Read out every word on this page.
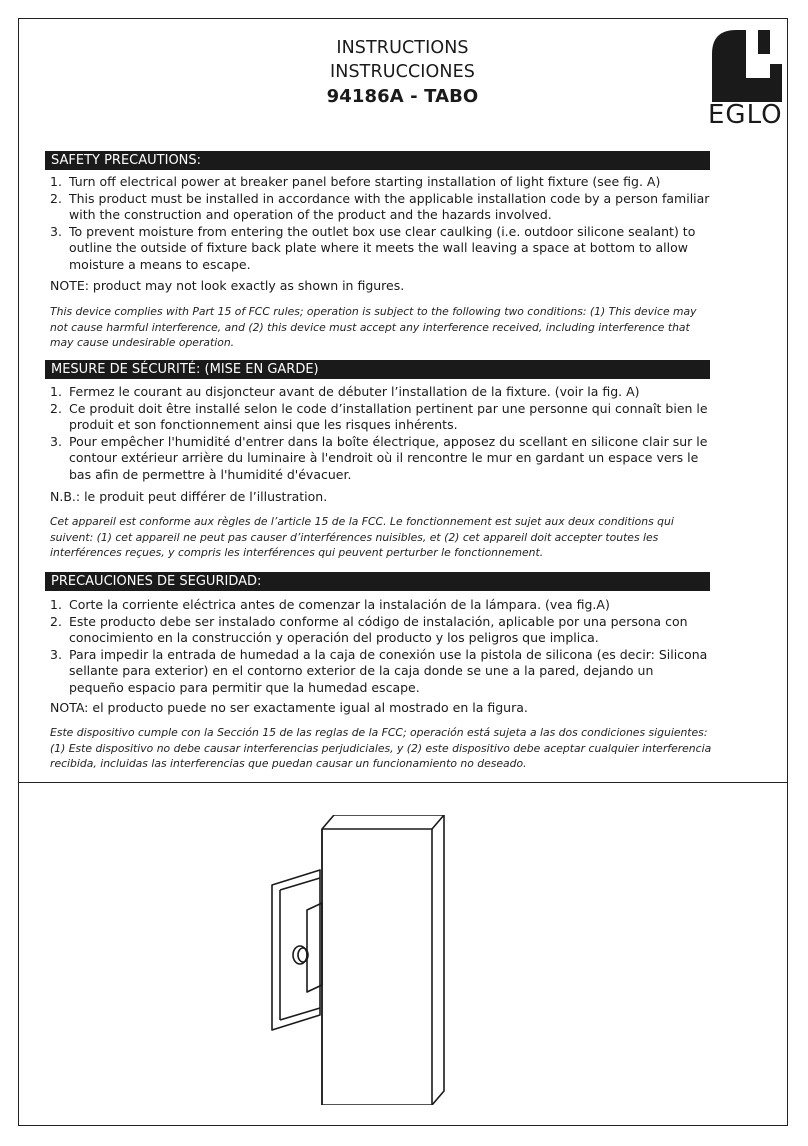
INSTRUCTIONS
INSTRUCCIONES
94186A - TABO
EGLO
SAFETY PRECAUTIONS:
1. Turn off electrical power at breaker panel before starting installation of light fixture (see fig. A)
2. This product must be installed in accordance with the applicable installation code by a person familiar with the construction and operation of the product and the hazards involved.
3. To prevent moisture from entering the outlet box use clear caulking (i.e. outdoor silicone sealant) to outline the outside of fixture back plate where it meets the wall leaving a space at bottom to allow moisture a means to escape.
NOTE: product may not look exactly as shown in figures.
This device complies with Part 15 of FCC rules; operation is subject to the following two conditions: (1) This device may not cause harmful interference, and (2) this device must accept any interference received, including interference that may cause undesirable operation.
MESURE DE SÉCURITÉ: (MISE EN GARDE)
1. Fermez le courant au disjoncteur avant de débuter l’installation de la fixture. (voir la fig. A)
2. Ce produit doit être installé selon le code d’installation pertinent par une personne qui connaît bien le produit et son fonctionnement ainsi que les risques inhérents.
3. Pour empêcher l'humidité d'entrer dans la boîte électrique, apposez du scellant en silicone clair sur le contour extérieur arrière du luminaire à l'endroit où il rencontre le mur en gardant un espace vers le bas afin de permettre à l'humidité d'évacuer.
N.B.: le produit peut différer de l’illustration.
Cet appareil est conforme aux règles de l’article 15 de la FCC. Le fonctionnement est sujet aux deux conditions qui suivent: (1) cet appareil ne peut pas causer d’interférences nuisibles, et (2) cet appareil doit accepter toutes les interférences reçues, y compris les interférences qui peuvent perturber le fonctionnement.
PRECAUCIONES DE SEGURIDAD:
1. Corte la corriente eléctrica antes de comenzar la instalación de la lámpara. (vea fig.A)
2. Este producto debe ser instalado conforme al código de instalación, aplicable por una persona con conocimiento en la construcción y operación del producto y los peligros que implica.
3. Para impedir la entrada de humedad a la caja de conexión use la pistola de silicona (es decir: Silicona sellante para exterior) en el contorno exterior de la caja donde se une a la pared, dejando un pequeño espacio para permitir que la humedad escape.
NOTA: el producto puede no ser exactamente igual al mostrado en la figura.
Este dispositivo cumple con la Sección 15 de las reglas de la FCC; operación está sujeta a las dos condiciones siguientes: (1) Este dispositivo no debe causar interferencias perjudiciales, y (2) este dispositivo debe aceptar cualquier interferencia recibida, incluidas las interferencias que puedan causar un funcionamiento no deseado.
